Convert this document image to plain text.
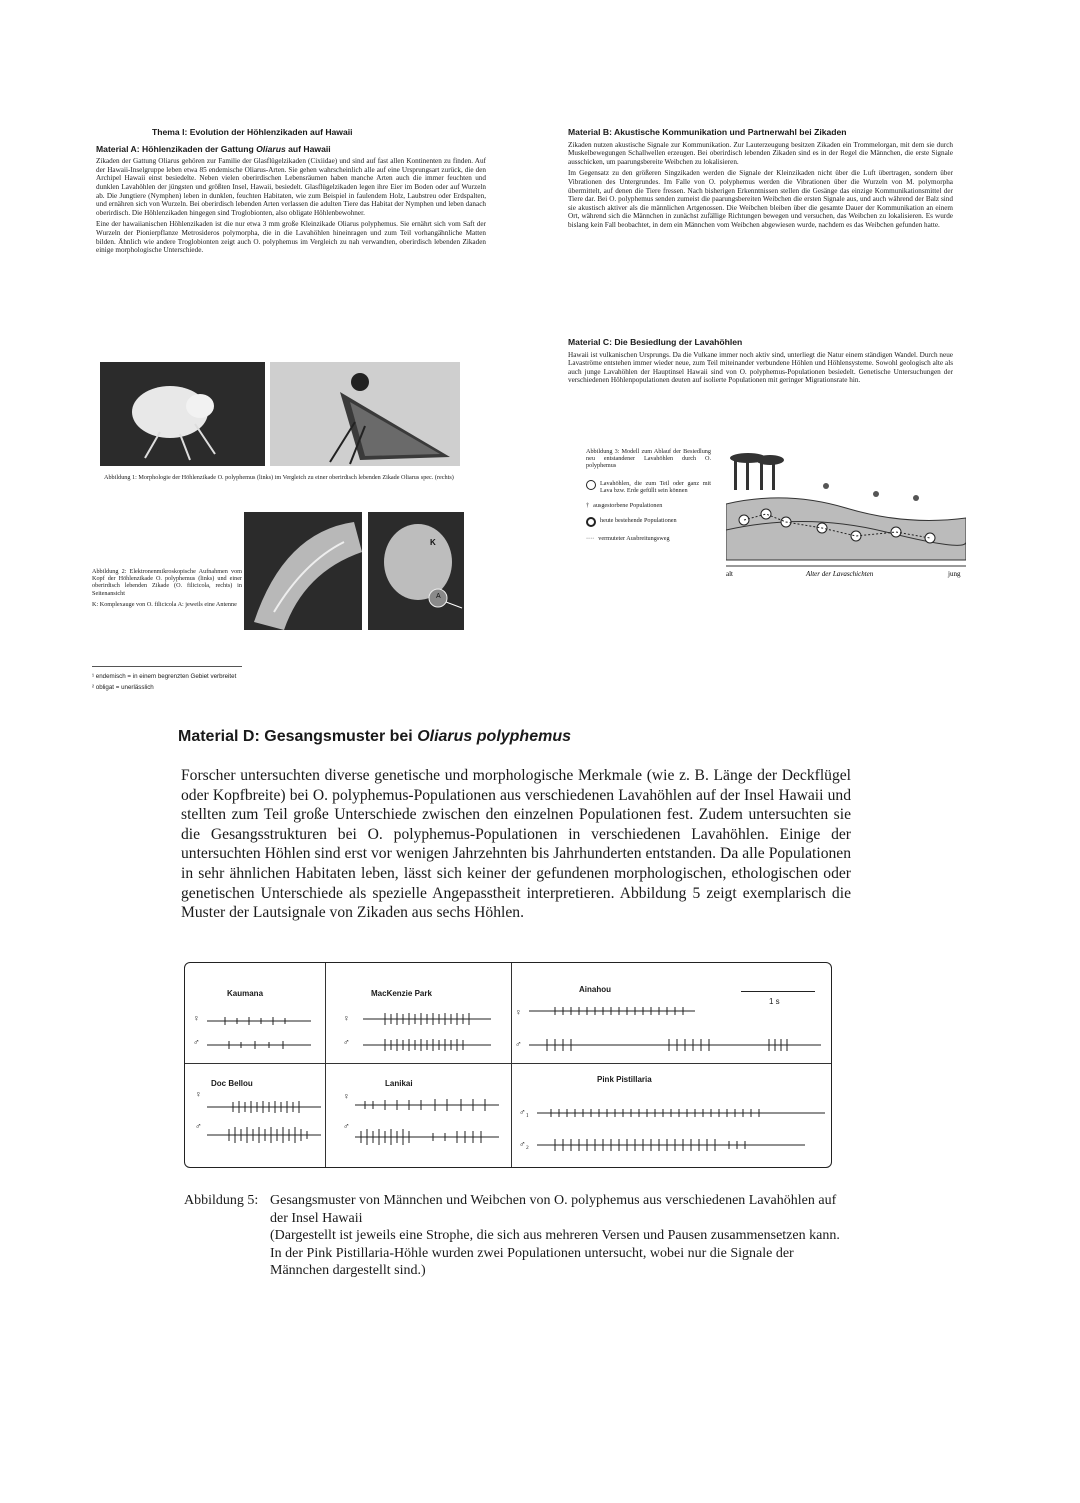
Thema I: Evolution der Höhlenzikaden auf Hawaii
Material A: Höhlenzikaden der Gattung Oliarus auf Hawaii

Zikaden der Gattung Oliarus gehören zur Familie der Glasflügelzikaden (Cixiidae) und sind auf fast allen Kontinenten zu finden. Auf der Hawaii-Inselgruppe leben etwa 85 endemische Oliarus-Arten. Sie gehen wahrscheinlich alle auf eine Ursprungsart zurück, die den Archipel Hawaii einst besiedelte. Neben vielen oberirdischen Lebensräumen haben manche Arten auch die immer feuchten und dunklen Lavahöhlen der jüngsten und größten Insel, Hawaii, besiedelt. Glasflügelzikaden legen ihre Eier im Boden oder auf Wurzeln ab. Die Jungtiere (Nymphen) leben in dunklen, feuchten Habitaten, wie zum Beispiel in faulendem Holz, Laubstreu oder Erdspalten, und ernähren sich von Wurzeln. Bei oberirdisch lebenden Arten verlassen die adulten Tiere das Habitat der Nymphen und leben danach oberirdisch. Die Höhlenzikaden hingegen sind Troglobionten, also obligate Höhlenbewohner.

Eine der hawaiianischen Höhlenzikaden ist die nur etwa 3 mm große Kleinzikade Oliarus polyphemus. Sie ernährt sich vom Saft der Wurzeln der Pionierpflanze Metrosideros polymorpha, die in die Lavahöhlen hineinragen und zum Teil vorhangähnliche Matten bilden. Ähnlich wie andere Troglobionten zeigt auch O. polyphemus im Vergleich zu nah verwandten, oberirdisch lebenden Zikaden einige morphologische Unterschiede.

Abbildung 1: Morphologie der Höhlenzikade O. polyphemus (links) im Vergleich zu einer oberirdisch lebenden Zikade Oliarus spec. (rechts)
Abbildung 2: Elektronenmikroskopische Aufnahmen vom Kopf der Höhlenzikade O. polyphemus (links) und einer oberirdisch lebenden Zikade (O. filicicola, rechts) in Seitenansicht
K: Komplexauge von O. filicicola A: jeweils eine Antenne
K
A
¹ endemisch = in einem begrenzten Gebiet verbreitet
² obligat = unerlässlich
Material B: Akustische Kommunikation und Partnerwahl bei Zikaden

Zikaden nutzen akustische Signale zur Kommunikation. Zur Lauterzeugung besitzen Zikaden ein Trommelorgan, mit dem sie durch Muskelbewegungen Schallwellen erzeugen. Bei oberirdisch lebenden Zikaden sind es in der Regel die Männchen, die erste Signale ausschicken, um paarungsbereite Weibchen zu lokalisieren.

Im Gegensatz zu den größeren Singzikaden werden die Signale der Kleinzikaden nicht über die Luft übertragen, sondern über Vibrationen des Untergrundes. Im Falle von O. polyphemus werden die Vibrationen über die Wurzeln von M. polymorpha übermittelt, auf denen die Tiere fressen. Nach bisherigen Erkenntnissen stellen die Gesänge das einzige Kommunikationsmittel der Tiere dar. Bei O. polyphemus senden zumeist die paarungsbereiten Weibchen die ersten Signale aus, und auch während der Balz sind sie akustisch aktiver als die männlichen Artgenossen. Die Weibchen bleiben über die gesamte Dauer der Kommunikation an einem Ort, während sich die Männchen in zunächst zufällige Richtungen bewegen und versuchen, das Weibchen zu lokalisieren. Es wurde bislang kein Fall beobachtet, in dem ein Männchen vom Weibchen abgewiesen wurde, nachdem es das Weibchen gefunden hatte.

Material C: Die Besiedlung der Lavahöhlen

Hawaii ist vulkanischen Ursprungs. Da die Vulkane immer noch aktiv sind, unterliegt die Natur einem ständigen Wandel. Durch neue Lavaströme entstehen immer wieder neue, zum Teil miteinander verbundene Höhlen und Höhlensysteme. Sowohl geologisch alte als auch junge Lavahöhlen der Hauptinsel Hawaii sind von O. polyphemus-Populationen besiedelt. Genetische Untersuchungen der verschiedenen Höhlenpopulationen deuten auf isolierte Populationen mit geringer Migrationsrate hin.

Abbildung 3: Modell zum Ablauf der Besiedlung neu entstandener Lavahöhlen durch O. polyphemus
Lavahöhlen, die zum Teil oder ganz mit Lava bzw. Erde gefüllt sein können
† ausgestorbene Populationen
heute bestehende Populationen
···· vermuteter Ausbreitungsweg
alt	Alter der Lavaschichten	jung
Material D: Gesangsmuster bei Oliarus polyphemus
Forscher untersuchten diverse genetische und morphologische Merkmale (wie z. B. Länge der Deckflügel oder Kopfbreite) bei O. polyphemus-Populationen aus verschiedenen Lavahöhlen auf der Insel Hawaii und stellten zum Teil große Unterschiede zwischen den einzelnen Populationen fest. Zudem untersuchten sie die Gesangsstrukturen bei O. polyphemus-Populationen in verschiedenen Lavahöhlen. Einige der untersuchten Höhlen sind erst vor wenigen Jahrzehnten bis Jahrhunderten entstanden. Da alle Populationen in sehr ähnlichen Habitaten leben, lässt sich keiner der gefundenen morphologischen, ethologischen oder genetischen Unterschiede als spezielle Angepasstheit interpretieren. Abbildung 5 zeigt exemplarisch die Muster der Lautsignale von Zikaden aus sechs Höhlen.
Kaumana	MacKenzie Park	Ainahou
Doc Bellou	Lanikai	Pink Pistillaria
1 s
♀
♂
♀
♂
♀
♂
♀
♂
♀
♂
♂₁
♂₂
Abbildung 5: Gesangsmuster von Männchen und Weibchen von O. polyphemus aus verschiedenen Lavahöhlen auf der Insel Hawaii
(Dargestellt ist jeweils eine Strophe, die sich aus mehreren Versen und Pausen zusammensetzen kann. In der Pink Pistillaria-Höhle wurden zwei Populationen untersucht, wobei nur die Signale der Männchen dargestellt sind.)
